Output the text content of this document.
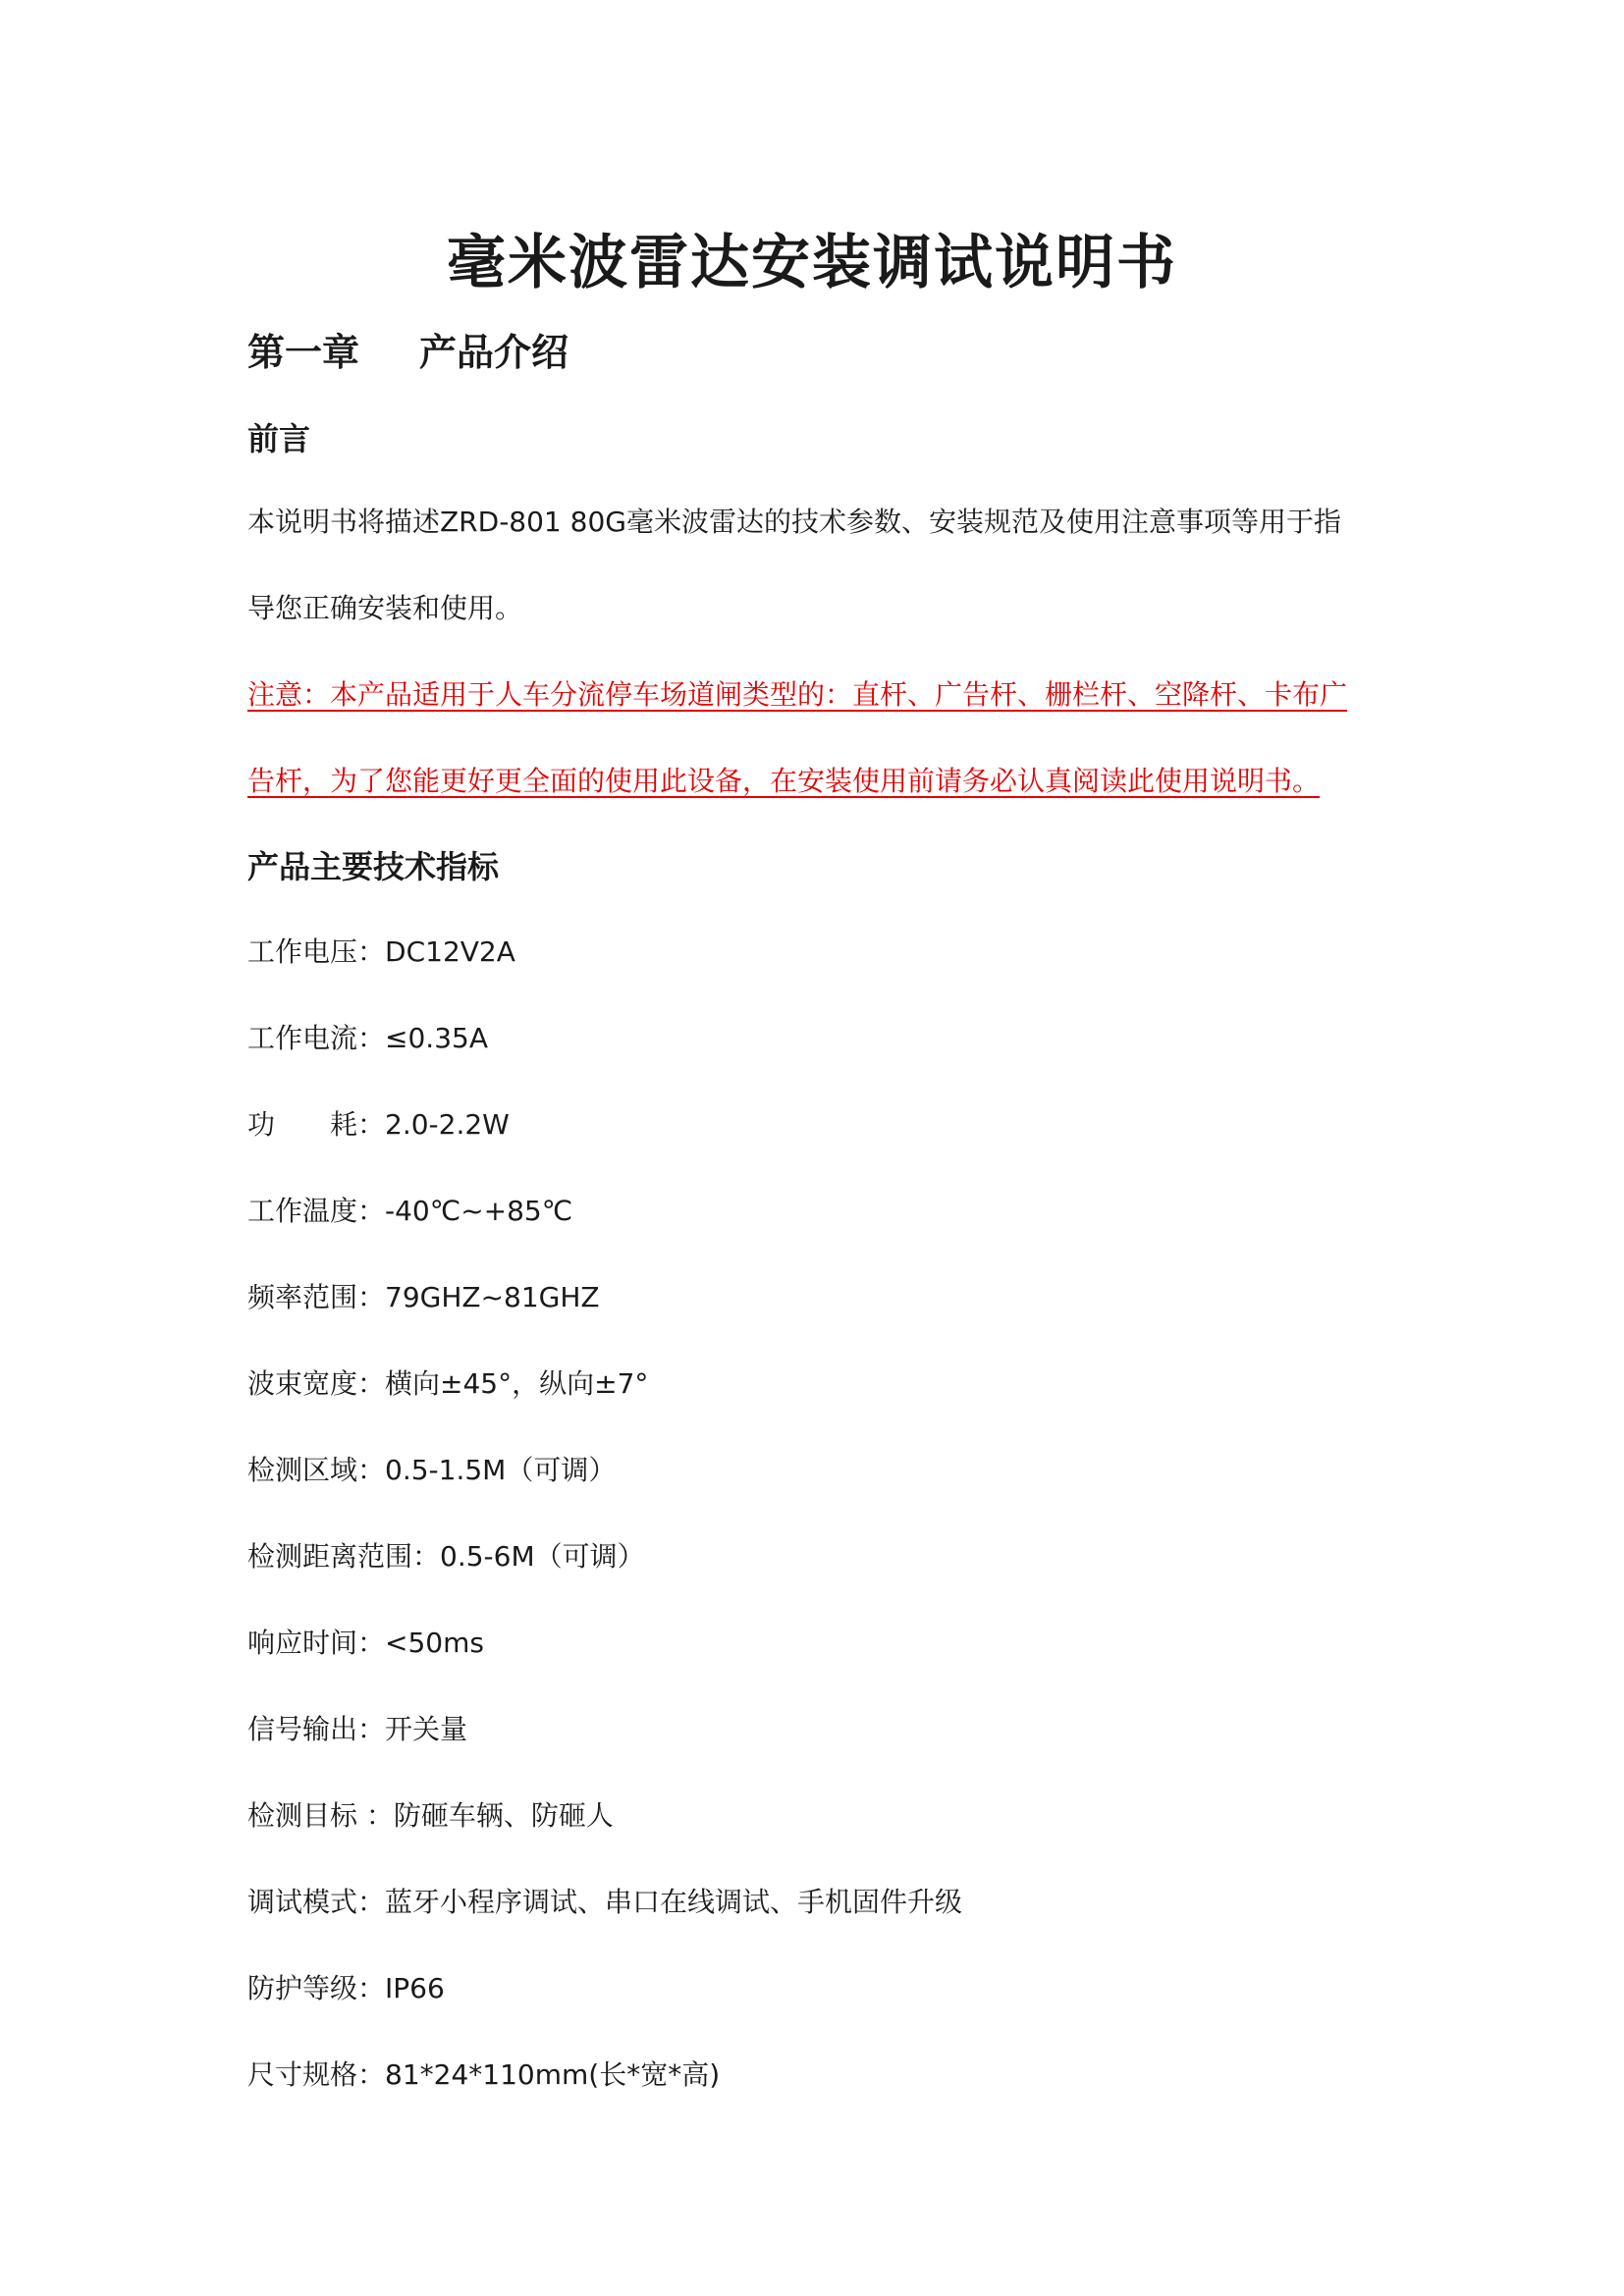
毫米波雷达安装调试说明书
第一章 产品介绍
前言

本说明书将描述ZRD-801 80G毫米波雷达的技术参数、安装规范及使用注意事项等用于指

导您正确安装和使用。

注意：本产品适用于人车分流停车场道闸类型的：直杆、广告杆、栅栏杆、空降杆、卡布广

告杆，为了您能更好更全面的使用此设备，在安装使用前请务必认真阅读此使用说明书。

产品主要技术指标

工作电压：DC12V2A

工作电流：≤0.35A

功　　耗：2.0-2.2W

工作温度：-40℃~+85℃

频率范围：79GHZ~81GHZ

波束宽度：横向±45°，纵向±7°

检测区域：0.5-1.5M（可调）

检测距离范围：0.5-6M（可调）

响应时间：<50ms

信号输出：开关量

检测目标 ：防砸车辆、防砸人

调试模式：蓝牙小程序调试、串口在线调试、手机固件升级

防护等级：IP66

尺寸规格：81*24*110mm(长*宽*高)
